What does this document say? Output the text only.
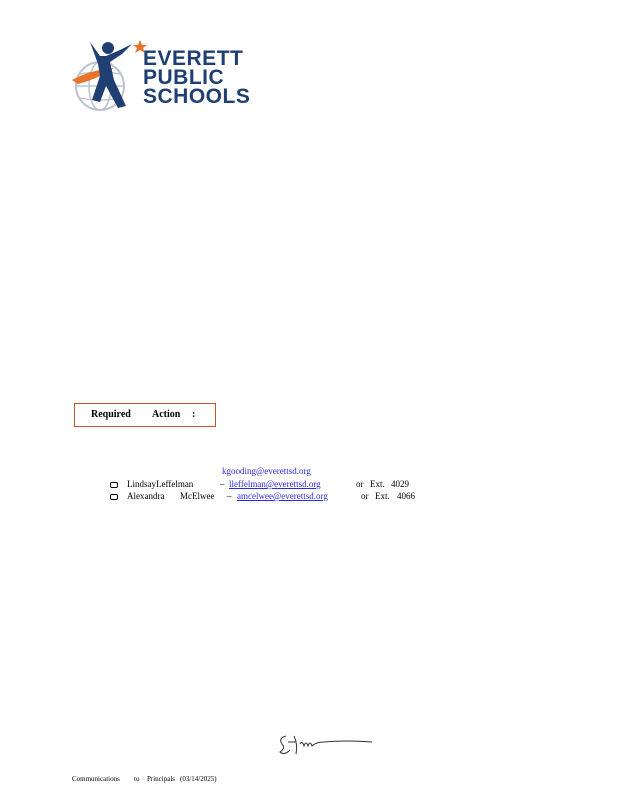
EVERETT
PUBLIC
SCHOOLS
Required Action :
kgooding@everettsd.org
LindsayLeffelman	– lleffelman@everettsd.org	or Ext. 4029
Alexandra McElwee – amcelwee@everettsd.org	or Ext. 4066
Communications to Principals (03/14/2025)
